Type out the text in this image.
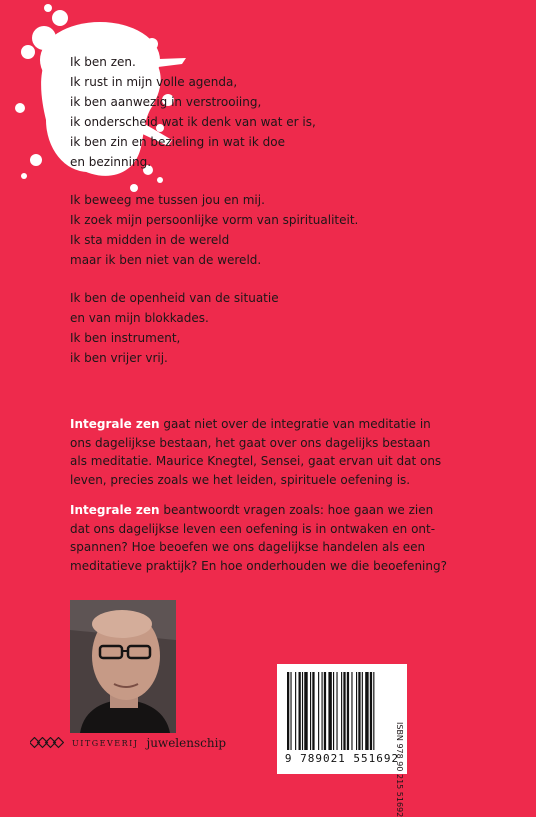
Ik ben zen.
Ik rust in mijn volle agenda,
ik ben aanwezig in verstrooiing,
ik onderscheid wat ik denk van wat er is,
ik ben zin en bezieling in wat ik doe
en bezinning.
Ik beweeg me tussen jou en mij.
Ik zoek mijn persoonlijke vorm van spiritualiteit.
Ik sta midden in de wereld
maar ik ben niet van de wereld.
Ik ben de openheid van de situatie
en van mijn blokkades.
Ik ben instrument,
ik ben vrijer vrij.

Integrale zen gaat niet over de integratie van meditatie in
ons dagelijkse bestaan, het gaat over ons dagelijks bestaan
als meditatie. Maurice Knegtel, Sensei, gaat ervan uit dat ons
leven, precies zoals we het leiden, spirituele oefening is.

Integrale zen beantwoordt vragen zoals: hoe gaan we zien
dat ons dagelijkse leven een oefening is in ontwaken en ont-
spannen? Hoe beoefen we ons dagelijkse handelen als een
meditatieve praktijk? En hoe onderhouden we die beoefening?

9 789021 551692
ISBN 978 90 215 51692
UITGEVERIJ juwelenschip
